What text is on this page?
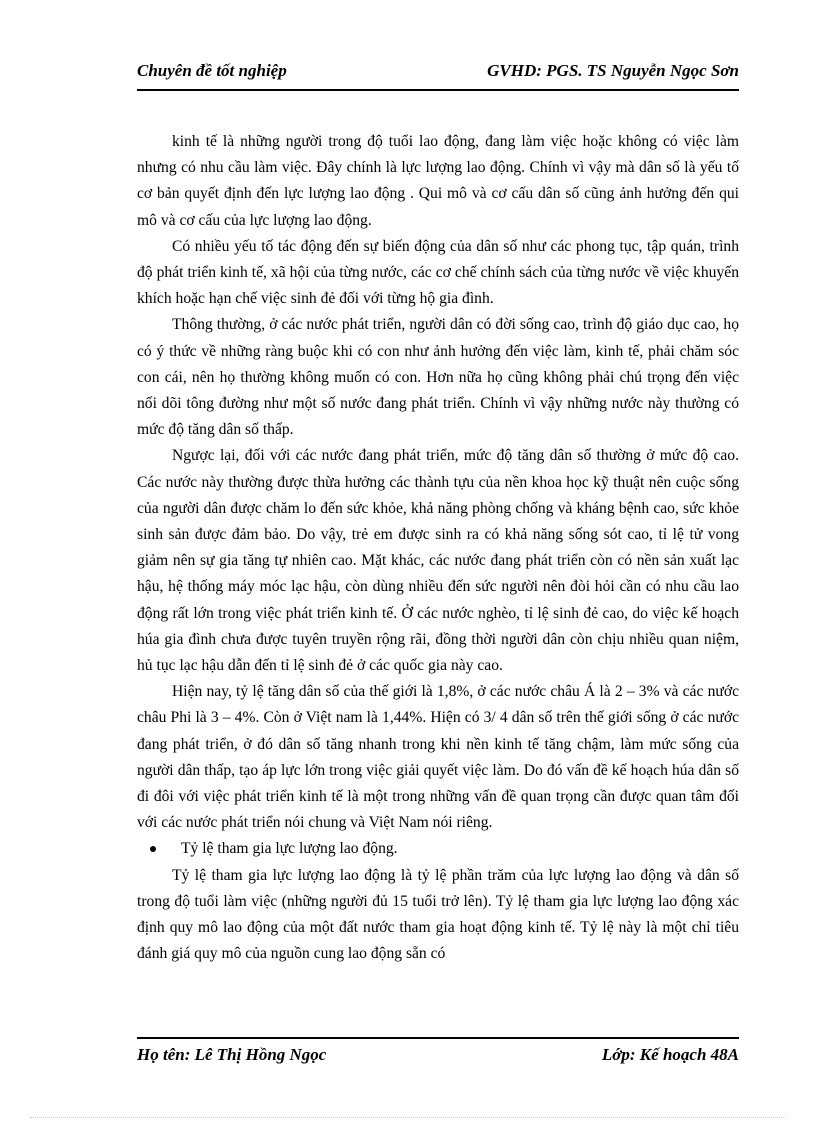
Chuyên đề tốt nghiệp	GVHD: PGS. TS Nguyễn Ngọc Sơn

kinh tế là những người trong độ tuổi lao động, đang làm việc hoặc không có việc làm nhưng có nhu cầu làm việc. Đây chính là lực lượng lao động. Chính vì vậy mà dân số là yếu tố cơ bản quyết định đến lực lượng lao động . Qui mô và cơ cấu dân số cũng ảnh hưởng đến qui mô và cơ cấu của lực lượng lao động.

Có nhiều yếu tố tác động đến sự biến động của dân số như các phong tục, tập quán, trình độ phát triển kinh tế, xã hội của từng nước, các cơ chế chính sách của từng nước về việc khuyến khích hoặc hạn chế việc sinh đẻ đối với từng hộ gia đình.

Thông thường, ở các nước phát triển, người dân có đời sống cao, trình độ giáo dục cao, họ có ý thức về những ràng buộc khi có con như ảnh hưởng đến việc làm, kinh tế, phải chăm sóc con cái, nên họ thường không muốn có con. Hơn nữa họ cũng không phải chú trọng đến việc nối dõi tông đường như một số nước đang phát triển. Chính vì vậy những nước này thường có mức độ tăng dân số thấp.

Ngược lại, đối với các nước đang phát triển, mức độ tăng dân số thường ở mức độ cao. Các nước này thường được thừa hưởng các thành tựu của nền khoa học kỹ thuật nên cuộc sống của người dân được chăm lo đến sức khỏe, khả năng phòng chống và kháng bệnh cao, sức khỏe sinh sản được đảm bảo. Do vậy, trẻ em được sinh ra có khả năng sống sót cao, tỉ lệ tử vong giảm nên sự gia tăng tự nhiên cao. Mặt khác, các nước đang phát triển còn có nền sản xuất lạc hậu, hệ thống máy móc lạc hậu, còn dùng nhiều đến sức người nên đòi hỏi cần có nhu cầu lao động rất lớn trong việc phát triển kinh tế. Ở các nước nghèo, tỉ lệ sinh đẻ cao, do việc kế hoạch húa gia đình chưa được tuyên truyền rộng rãi, đồng thời người dân còn chịu nhiều quan niệm, hủ tục lạc hậu dẫn đến tỉ lệ sinh đẻ ở các quốc gia này cao.

Hiện nay, tỷ lệ tăng dân số của thế giới là 1,8%, ở các nước châu Á là 2 – 3% và các nước châu Phi là 3 – 4%. Còn ở Việt nam là 1,44%. Hiện có 3/ 4 dân số trên thế giới sống ở các nước đang phát triển, ở đó dân số tăng nhanh trong khi nền kinh tế tăng chậm, làm mức sống của người dân thấp, tạo áp lực lớn trong việc giải quyết việc làm. Do đó vấn đề kế hoạch húa dân số đi đôi với việc phát triển kinh tế là một trong những vấn đề quan trọng cần được quan tâm đối với các nước phát triển nói chung và Việt Nam nói riêng.

Tỷ lệ tham gia lực lượng lao động.

Tỷ lệ tham gia lực lượng lao động là tỷ lệ phần trăm của lực lượng lao động và dân số trong độ tuổi làm việc (những người đủ 15 tuổi trở lên). Tỷ lệ tham gia lực lượng lao động xác định quy mô lao động của một đất nước tham gia hoạt động kinh tế. Tỷ lệ này là một chỉ tiêu đánh giá quy mô của nguồn cung lao động sẵn có

Họ tên: Lê Thị Hồng Ngọc	Lớp: Kế hoạch 48A
